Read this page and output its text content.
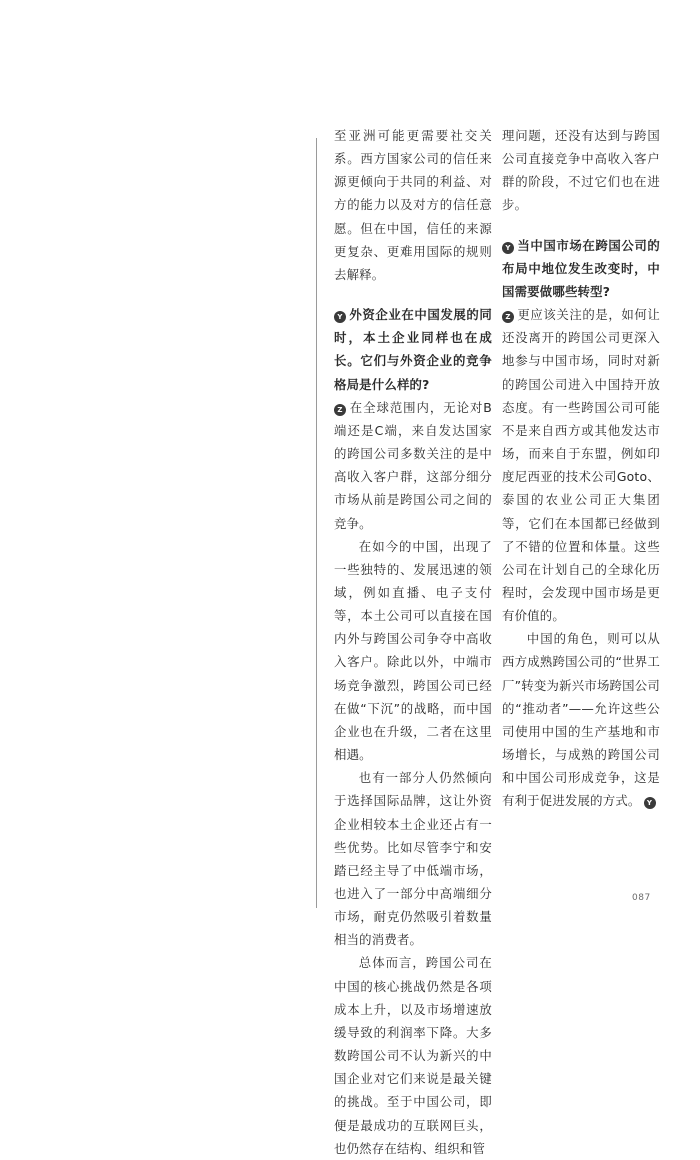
至亚洲可能更需要社交关系。西方国家公司的信任来源更倾向于共同的利益、对方的能力以及对方的信任意愿。但在中国，信任的来源更复杂、更难用国际的规则去解释。

Y 外资企业在中国发展的同时，本土企业同样也在成长。它们与外资企业的竞争格局是什么样的?

Z 在全球范围内，无论对B端还是C端，来自发达国家的跨国公司多数关注的是中高收入客户群，这部分细分市场从前是跨国公司之间的竞争。

在如今的中国，出现了一些独特的、发展迅速的领域，例如直播、电子支付等，本土公司可以直接在国内外与跨国公司争夺中高收入客户。除此以外，中端市场竞争激烈，跨国公司已经在做“下沉”的战略，而中国企业也在升级，二者在这里相遇。

也有一部分人仍然倾向于选择国际品牌，这让外资企业相较本土企业还占有一些优势。比如尽管李宁和安踏已经主导了中低端市场，也进入了一部分中高端细分市场，耐克仍然吸引着数量相当的消费者。

总体而言，跨国公司在中国的核心挑战仍然是各项成本上升，以及市场增速放缓导致的利润率下降。大多数跨国公司不认为新兴的中国企业对它们来说是最关键的挑战。至于中国公司，即便是最成功的互联网巨头，也仍然存在结构、组织和管

理问题，还没有达到与跨国公司直接竞争中高收入客户群的阶段，不过它们也在进步。

Y 当中国市场在跨国公司的布局中地位发生改变时，中国需要做哪些转型?

Z 更应该关注的是，如何让还没离开的跨国公司更深入地参与中国市场，同时对新的跨国公司进入中国持开放态度。有一些跨国公司可能不是来自西方或其他发达市场，而来自于东盟，例如印度尼西亚的技术公司Goto、泰国的农业公司正大集团等，它们在本国都已经做到了不错的位置和体量。这些公司在计划自己的全球化历程时，会发现中国市场是更有价值的。

中国的角色，则可以从西方成熟跨国公司的“世界工厂”转变为新兴市场跨国公司的“推动者”——允许这些公司使用中国的生产基地和市场增长，与成熟的跨国公司和中国公司形成竞争，这是有利于促进发展的方式。 Y

087
